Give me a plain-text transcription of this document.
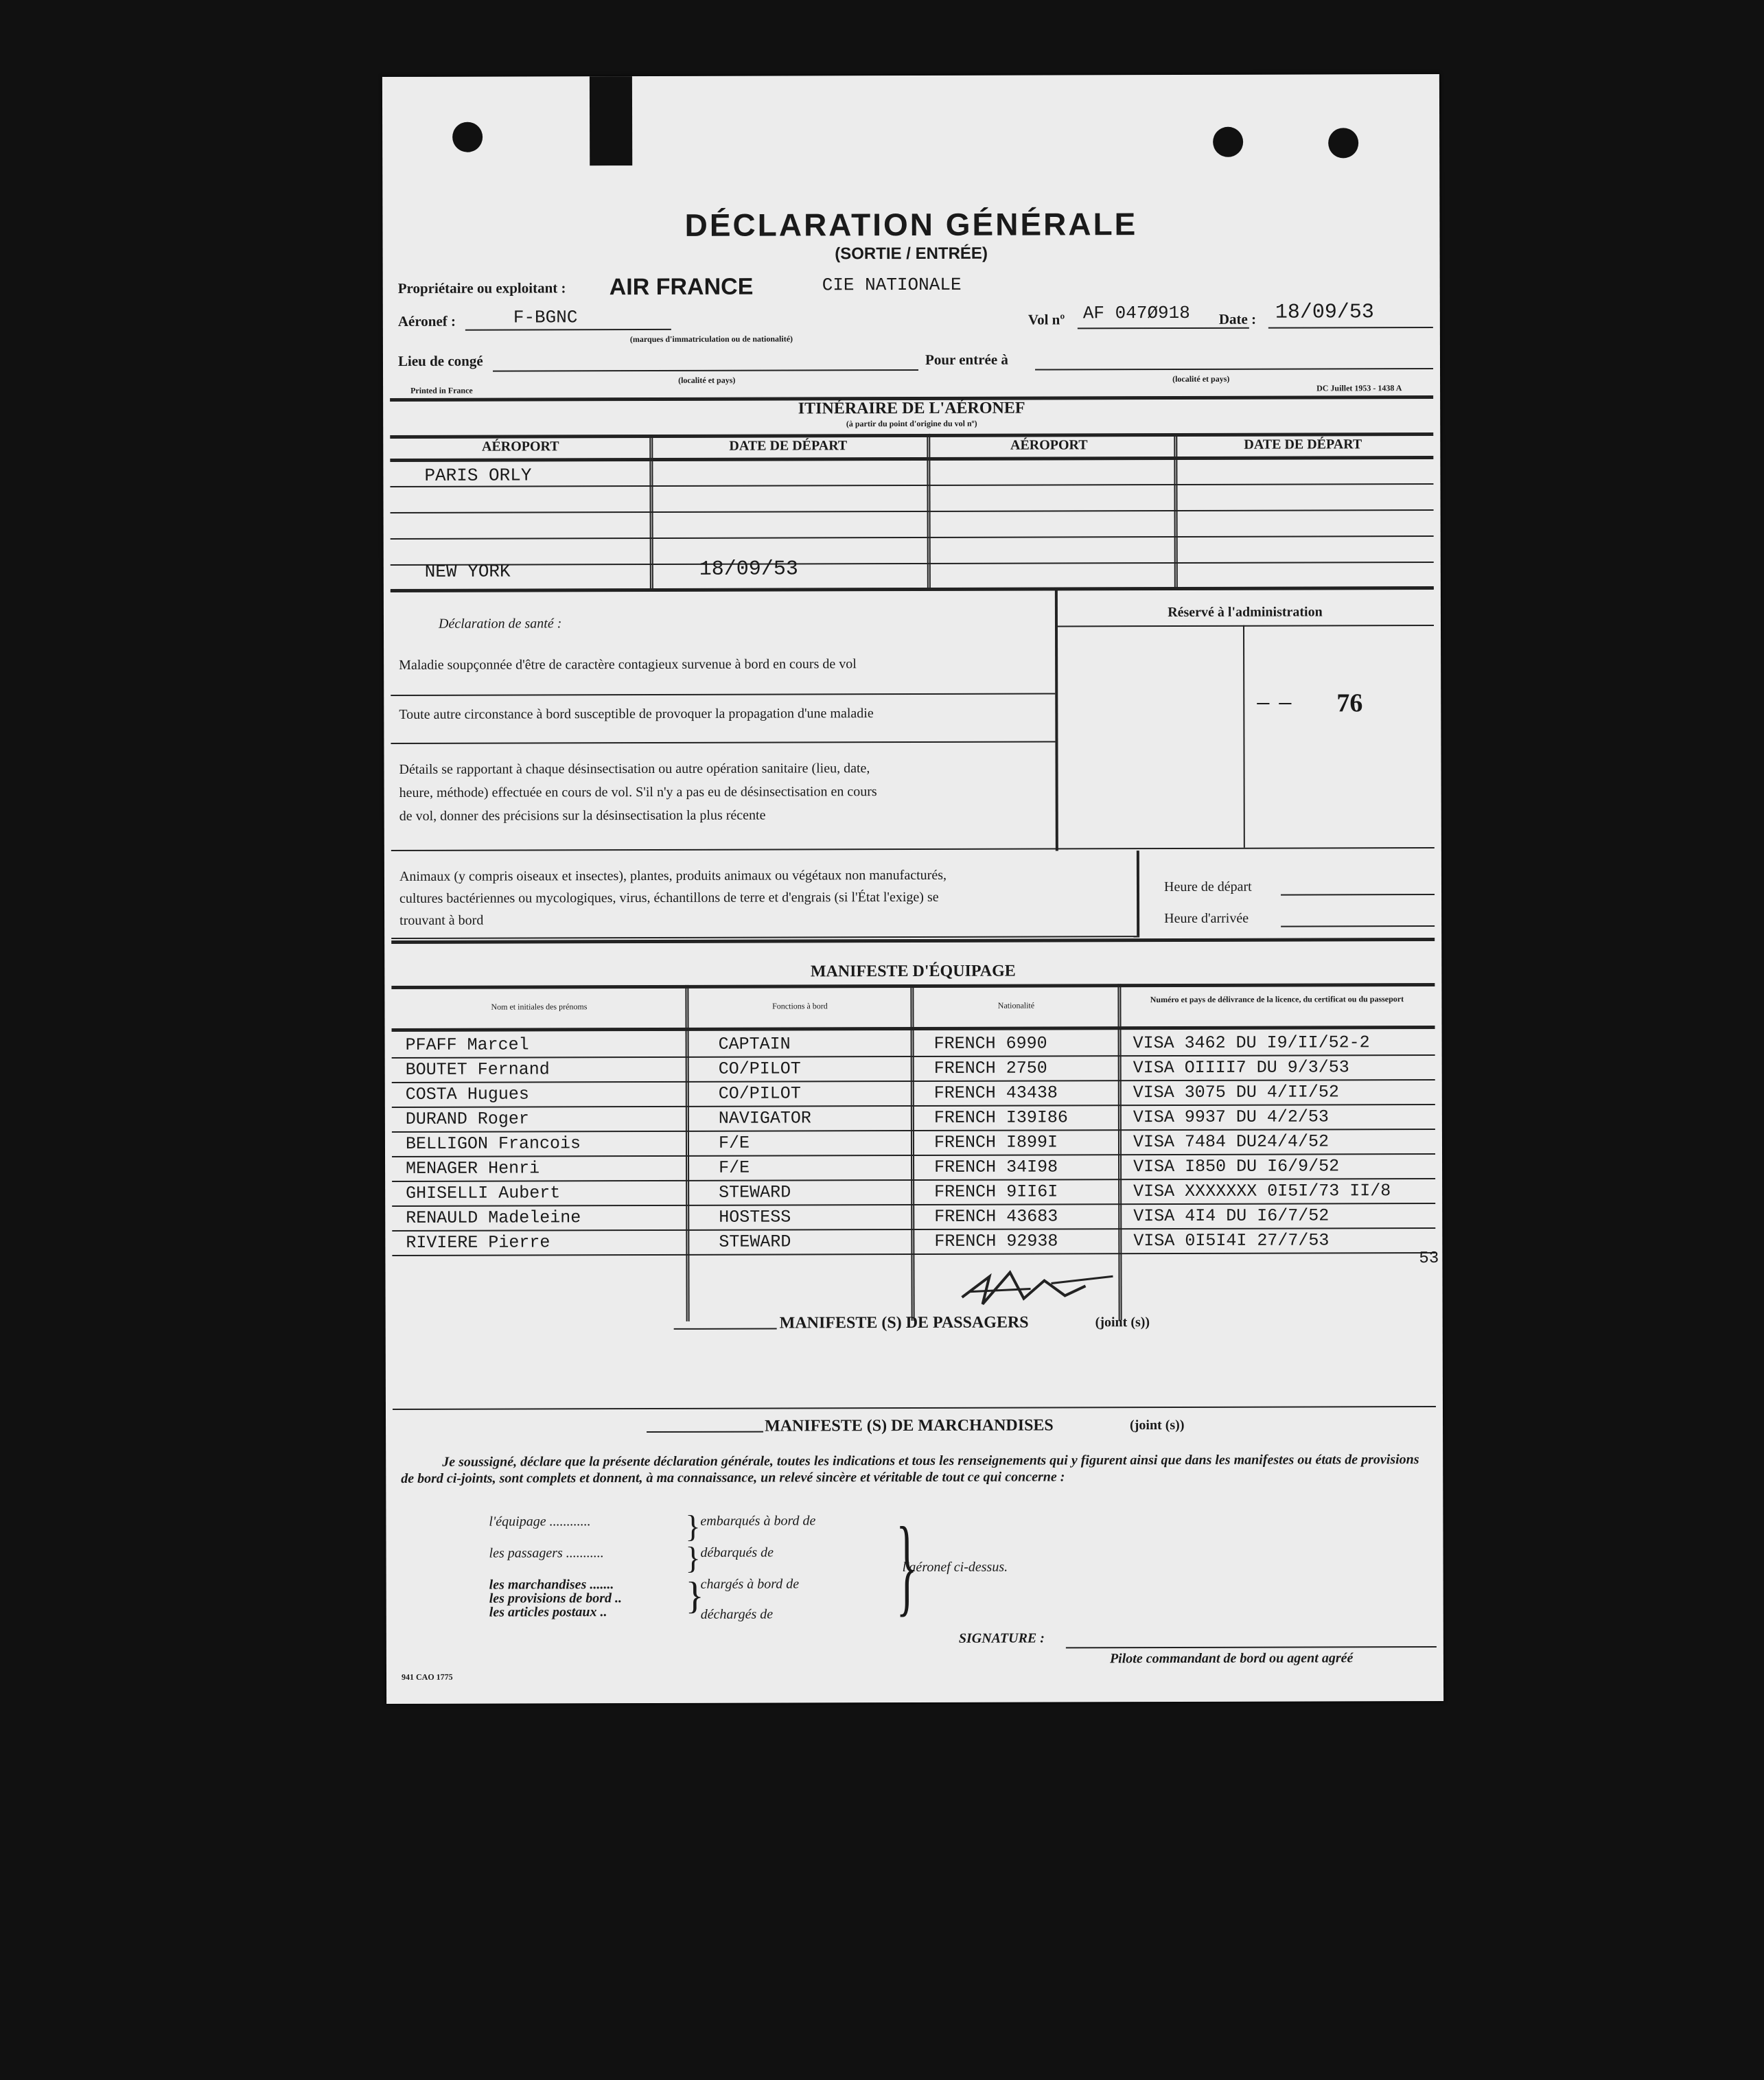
DÉCLARATION GÉNÉRALE
(SORTIE / ENTRÉE)
Propriétaire ou exploitant : AIR FRANCE	CIE NATIONALE
Aéronef :	F-BGNC
(marques d'immatriculation ou de nationalité)
Vol nº AF 047Ø918 Date : 18/09/53
Lieu de congé
(localité et pays)
Pour entrée à
(localité et pays)
Printed in France	DC Juillet 1953 - 1438 A
ITINÉRAIRE DE L'AÉRONEF
(à partir du point d'origine du vol nº)
AÉROPORT	DATE DE DÉPART	AÉROPORT	DATE DE DÉPART
PARIS ORLY
NEW YORK	18/09/53
Déclaration de santé :
Maladie soupçonnée d'être de caractère contagieux survenue à bord en cours de vol
Toute autre circonstance à bord susceptible de provoquer la propagation d'une maladie
Détails se rapportant à chaque désinsectisation ou autre opération sanitaire (lieu, date,
heure, méthode) effectuée en cours de vol. S'il n'y a pas eu de désinsectisation en cours
de vol, donner des précisions sur la désinsectisation la plus récente
Réservé à l'administration
— — 76
Animaux (y compris oiseaux et insectes), plantes, produits animaux ou végétaux non manufacturés,
cultures bactériennes ou mycologiques, virus, échantillons de terre et d'engrais (si l'État l'exige) se
trouvant à bord
Heure de départ
Heure d'arrivée
MANIFESTE D'ÉQUIPAGE
Nom et initiales des prénoms	Fonctions à bord	Nationalité
Numéro et pays de délivrance de la licence, du certificat ou du passeport
PFAFF Marcel	CAPTAIN	FRENCH 6990	VISA 3462 DU I9/II/52-2
BOUTET Fernand	CO/PILOT	FRENCH 2750	VISA OIIII7 DU 9/3/53
COSTA Hugues	CO/PILOT	FRENCH 43438	VISA 3075 DU 4/II/52
DURAND Roger	NAVIGATOR	FRENCH I39I86	VISA 9937 DU 4/2/53
BELLIGON Francois	F/E	FRENCH I899I	VISA 7484 DU24/4/52
MENAGER Henri	F/E	FRENCH 34I98	VISA I850 DU I6/9/52
GHISELLI Aubert	STEWARD	FRENCH 9II6I	VISA XXXXXXX 0I5I/73 II/8
RENAULD Madeleine	HOSTESS	FRENCH 43683	VISA 4I4 DU I6/7/52
RIVIERE Pierre	STEWARD	FRENCH 92938	VISA 0I5I4I 27/7/53
53
MANIFESTE (S) DE PASSAGERS	(joint (s))
MANIFESTE (S) DE MARCHANDISES	(joint (s))
Je soussigné, déclare que la présente déclaration générale, toutes les indications et tous les renseignements qui y figurent ainsi que dans les manifestes ou états de provisions de bord ci-joints, sont complets et donnent, à ma connaissance, un relevé sincère et véritable de tout ce qui concerne :
l'équipage ............
les passagers ...........
les marchandises .......
les provisions de bord ..
les articles postaux ..
embarqués à bord de
débarqués de
chargés à bord de
déchargés de
}
}
} }
l'aéronef ci-dessus.
SIGNATURE :
Pilote commandant de bord ou agent agréé
941 CAO 1775
